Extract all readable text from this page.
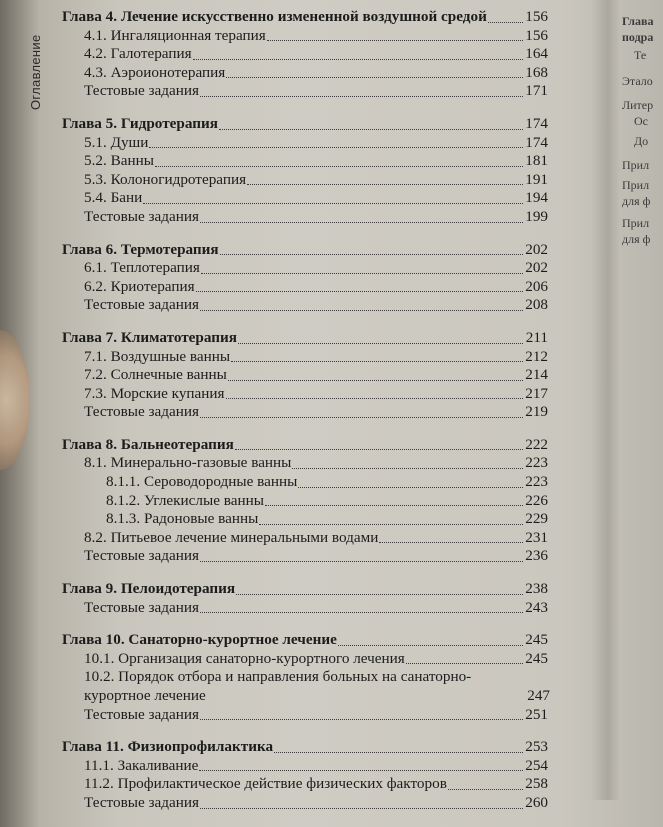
Оглавление
Глава 4. Лечение искусственно измененной воздушной средой	156
4.1. Ингаляционная терапия	156
4.2. Галотерапия	164
4.3. Аэроионотерапия	168
Тестовые задания	171
Глава 5. Гидротерапия	174
5.1. Души	174
5.2. Ванны	181
5.3. Колоногидротерапия	191
5.4. Бани	194
Тестовые задания	199
Глава 6. Термотерапия	202
6.1. Теплотерапия	202
6.2. Криотерапия	206
Тестовые задания	208
Глава 7. Климатотерапия	211
7.1. Воздушные ванны	212
7.2. Солнечные ванны	214
7.3. Морские купания	217
Тестовые задания	219
Глава 8. Бальнеотерапия	222
8.1. Минерально-газовые ванны	223
8.1.1. Сероводородные ванны	223
8.1.2. Углекислые ванны	226
8.1.3. Радоновые ванны	229
8.2. Питьевое лечение минеральными водами	231
Тестовые задания	236
Глава 9. Пелоидотерапия	238
Тестовые задания	243
Глава 10. Санаторно-курортное лечение	245
10.1. Организация санаторно-курортного лечения	245
10.2. Порядок отбора и направления больных на санаторно-курортное лечение	247
Тестовые задания	251
Глава 11. Физиопрофилактика	253
11.1. Закаливание	254
11.2. Профилактическое действие физических факторов	258
Тестовые задания	260
Глава
подра
Те
Этало
Литер
Ос
До
Прил
Прил
для ф
Прил
для ф
